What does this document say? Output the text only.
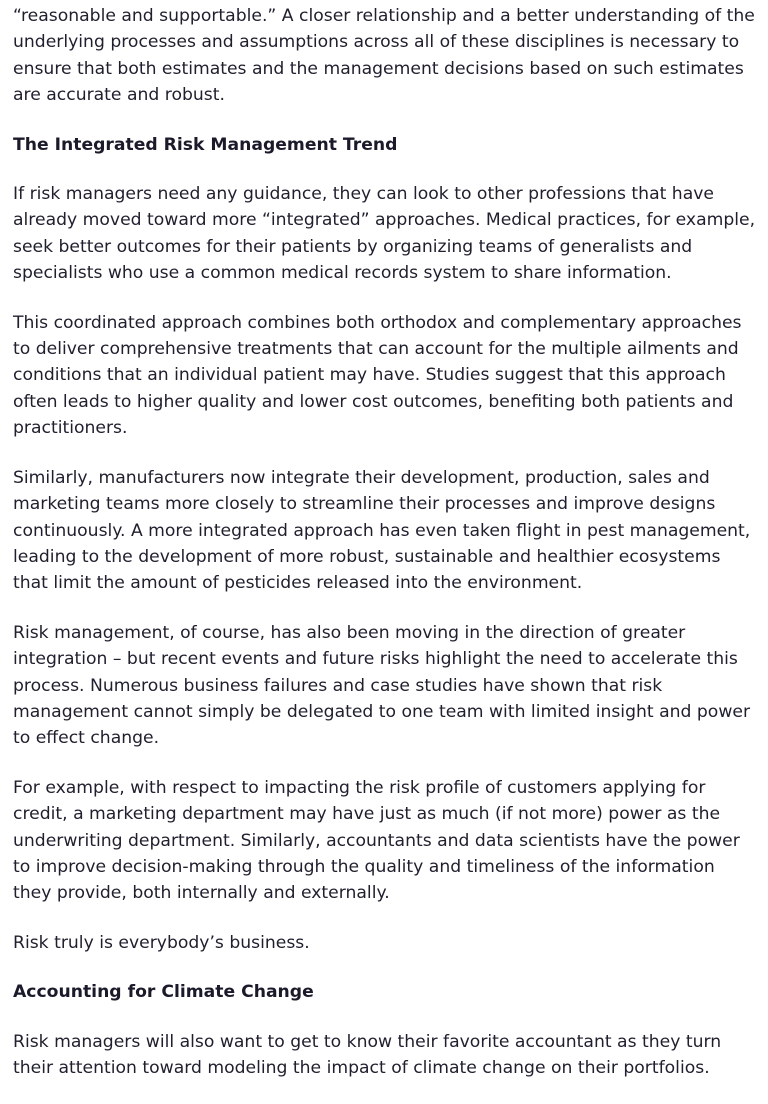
“reasonable and supportable.” A closer relationship and a better understanding of the underlying processes and assumptions across all of these disciplines is necessary to ensure that both estimates and the management decisions based on such estimates are accurate and robust.

The Integrated Risk Management Trend

If risk managers need any guidance, they can look to other professions that have already moved toward more “integrated” approaches. Medical practices, for example, seek better outcomes for their patients by organizing teams of generalists and specialists who use a common medical records system to share information.

This coordinated approach combines both orthodox and complementary approaches to deliver comprehensive treatments that can account for the multiple ailments and conditions that an individual patient may have. Studies suggest that this approach often leads to higher quality and lower cost outcomes, benefiting both patients and practitioners.

Similarly, manufacturers now integrate their development, production, sales and marketing teams more closely to streamline their processes and improve designs continuously. A more integrated approach has even taken flight in pest management, leading to the development of more robust, sustainable and healthier ecosystems that limit the amount of pesticides released into the environment.

Risk management, of course, has also been moving in the direction of greater integration – but recent events and future risks highlight the need to accelerate this process. Numerous business failures and case studies have shown that risk management cannot simply be delegated to one team with limited insight and power to effect change.

For example, with respect to impacting the risk profile of customers applying for credit, a marketing department may have just as much (if not more) power as the underwriting department. Similarly, accountants and data scientists have the power to improve decision-making through the quality and timeliness of the information they provide, both internally and externally.

Risk truly is everybody’s business.

Accounting for Climate Change

Risk managers will also want to get to know their favorite accountant as they turn their attention toward modeling the impact of climate change on their portfolios.
